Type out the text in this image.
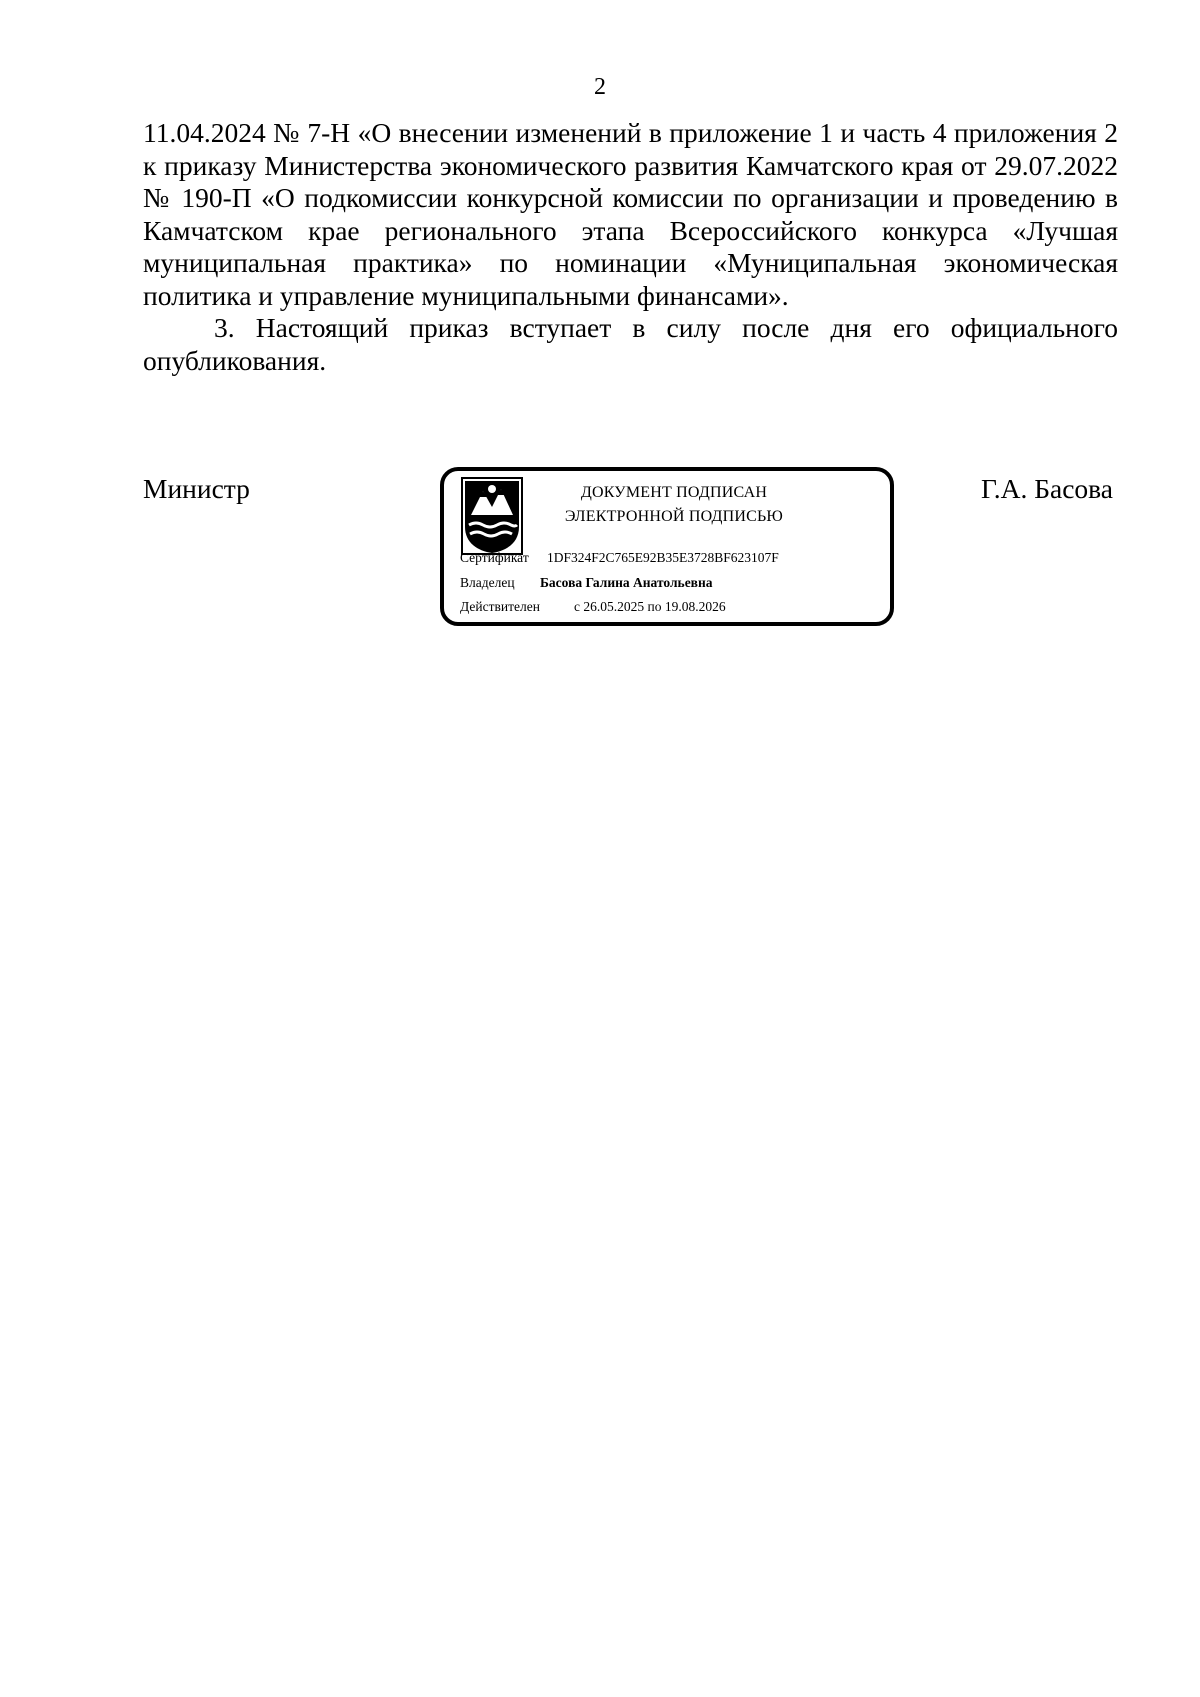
2

11.04.2024 № 7-Н «О внесении изменений в приложение 1 и часть 4 приложения 2 к приказу Министерства экономического развития Камчатского края от 29.07.2022 № 190-П «О подкомиссии конкурсной комиссии по организации и проведению в Камчатском крае регионального этапа Всероссийского конкурса «Лучшая муниципальная практика» по номинации «Муниципальная экономическая политика и управление муниципальными финансами».

3. Настоящий приказ вступает в силу после дня его официального опубликования.

Министр	ДОКУМЕНТ ПОДПИСАН
ЭЛЕКТРОННОЙ ПОДПИСЬЮ
Сертификат 1DF324F2C765E92B35E3728BF623107F
Владелец Басова Галина Анатольевна
Действителен	с 26.05.2025 по 19.08.2026
Г.А. Басова
